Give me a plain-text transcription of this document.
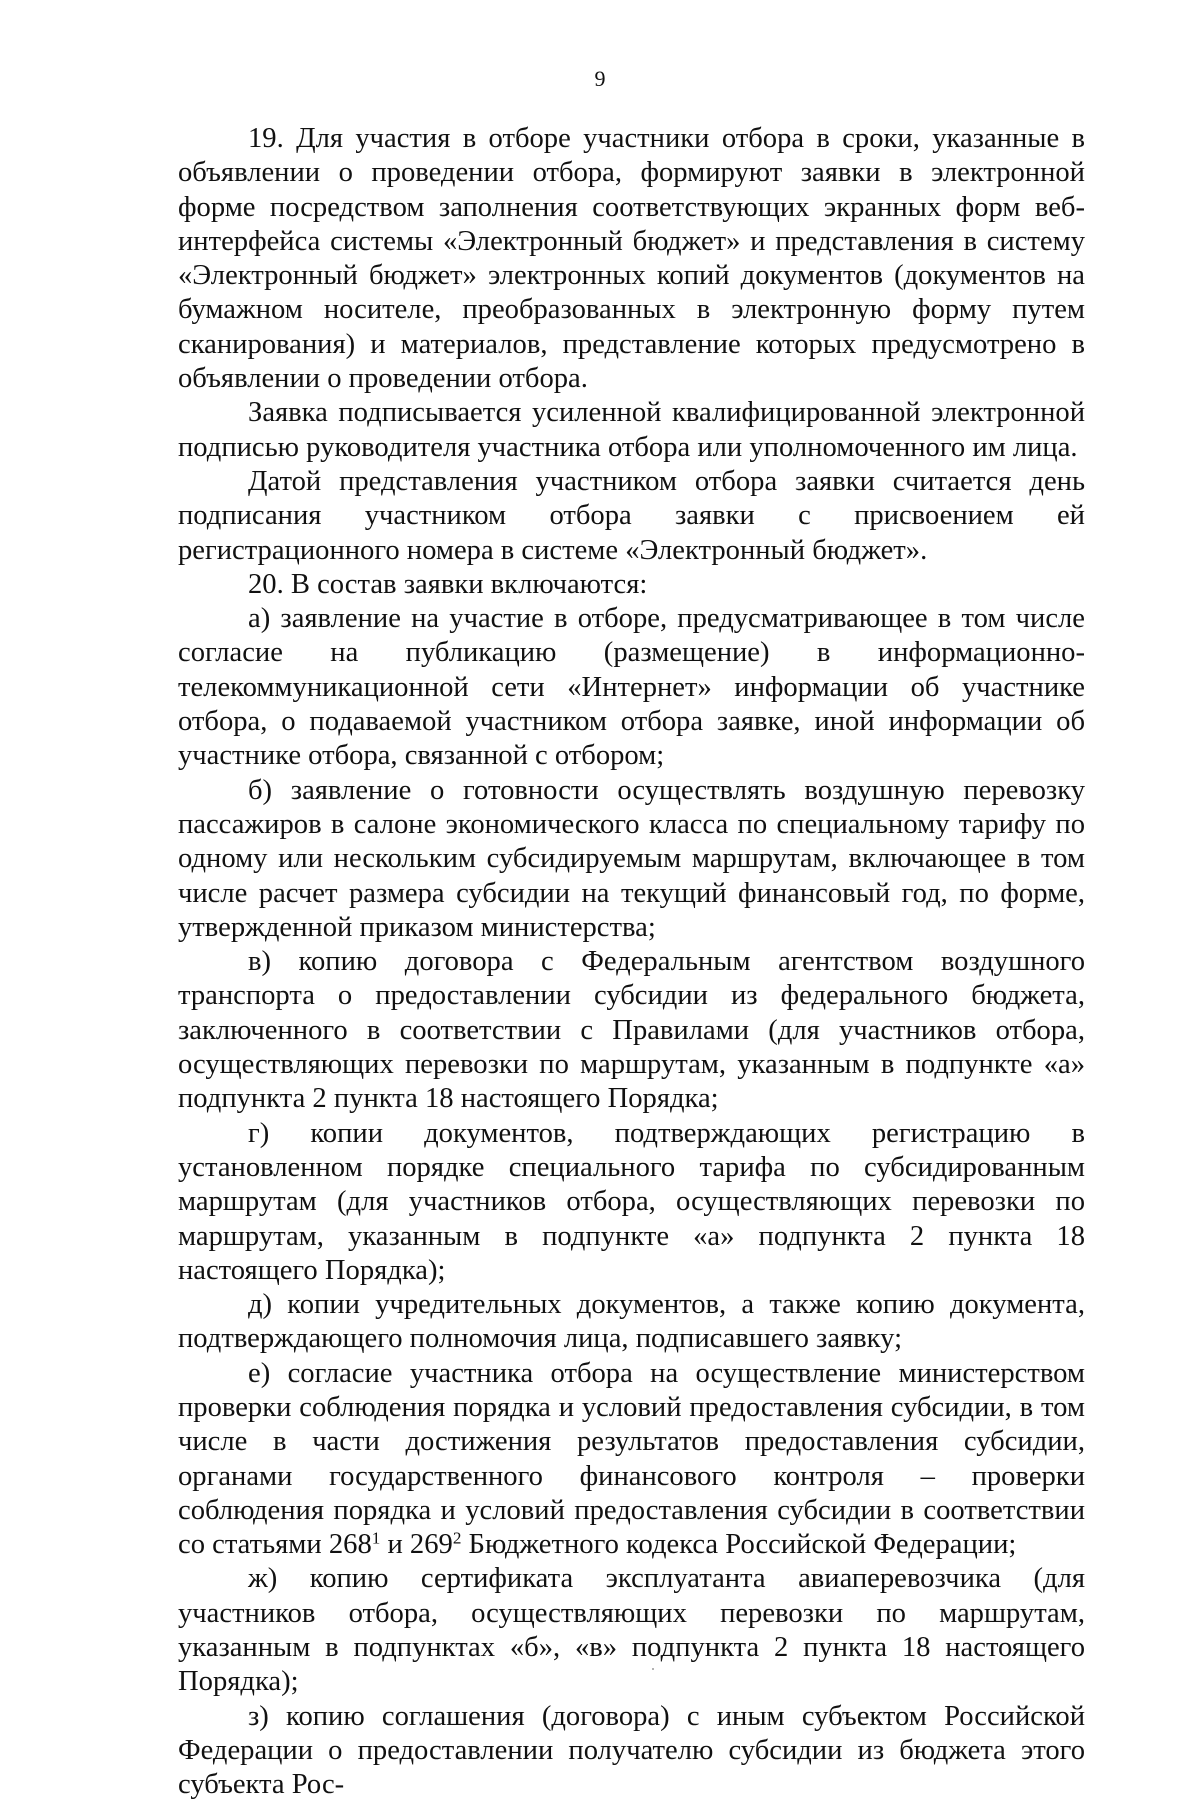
9

19. Для участия в отборе участники отбора в сроки, указанные в объявлении о проведении отбора, формируют заявки в электронной форме посредством заполнения соответствующих экранных форм веб-интерфейса системы «Электронный бюджет» и представления в систему «Электронный бюджет» электронных копий документов (документов на бумажном носителе, преобразованных в электронную форму путем сканирования) и материалов, представление которых предусмотрено в объявлении о проведении отбора.

Заявка подписывается усиленной квалифицированной электронной подписью руководителя участника отбора или уполномоченного им лица.

Датой представления участником отбора заявки считается день подписания участником отбора заявки с присвоением ей регистрационного номера в системе «Электронный бюджет».

20. В состав заявки включаются:

а) заявление на участие в отборе, предусматривающее в том числе согласие на публикацию (размещение) в информационно-телекоммуникационной сети «Интернет» информации об участнике отбора, о подаваемой участником отбора заявке, иной информации об участнике отбора, связанной с отбором;

б) заявление о готовности осуществлять воздушную перевозку пассажиров в салоне экономического класса по специальному тарифу по одному или нескольким субсидируемым маршрутам, включающее в том числе расчет размера субсидии на текущий финансовый год, по форме, утвержденной приказом министерства;

в) копию договора с Федеральным агентством воздушного транспорта о предоставлении субсидии из федерального бюджета, заключенного в соответствии с Правилами (для участников отбора, осуществляющих перевозки по маршрутам, указанным в подпункте «а» подпункта 2 пункта 18 настоящего Порядка;

г) копии документов, подтверждающих регистрацию в установленном порядке специального тарифа по субсидированным маршрутам (для участников отбора, осуществляющих перевозки по маршрутам, указанным в подпункте «а» подпункта 2 пункта 18 настоящего Порядка);

д) копии учредительных документов, а также копию документа, подтверждающего полномочия лица, подписавшего заявку;

е) согласие участника отбора на осуществление министерством проверки соблюдения порядка и условий предоставления субсидии, в том числе в части достижения результатов предоставления субсидии, органами государственного финансового контроля – проверки соблюдения порядка и условий предоставления субсидии в соответствии со статьями $268^1$ и $269^2$ Бюджетного кодекса Российской Федерации;

ж) копию сертификата эксплуатанта авиаперевозчика (для участников отбора, осуществляющих перевозки по маршрутам, указанным в подпунктах «б», «в» подпункта 2 пункта 18 настоящего Порядка);

з) копию соглашения (договора) с иным субъектом Российской Федерации о предоставлении получателю субсидии из бюджета этого субъекта Рос-
